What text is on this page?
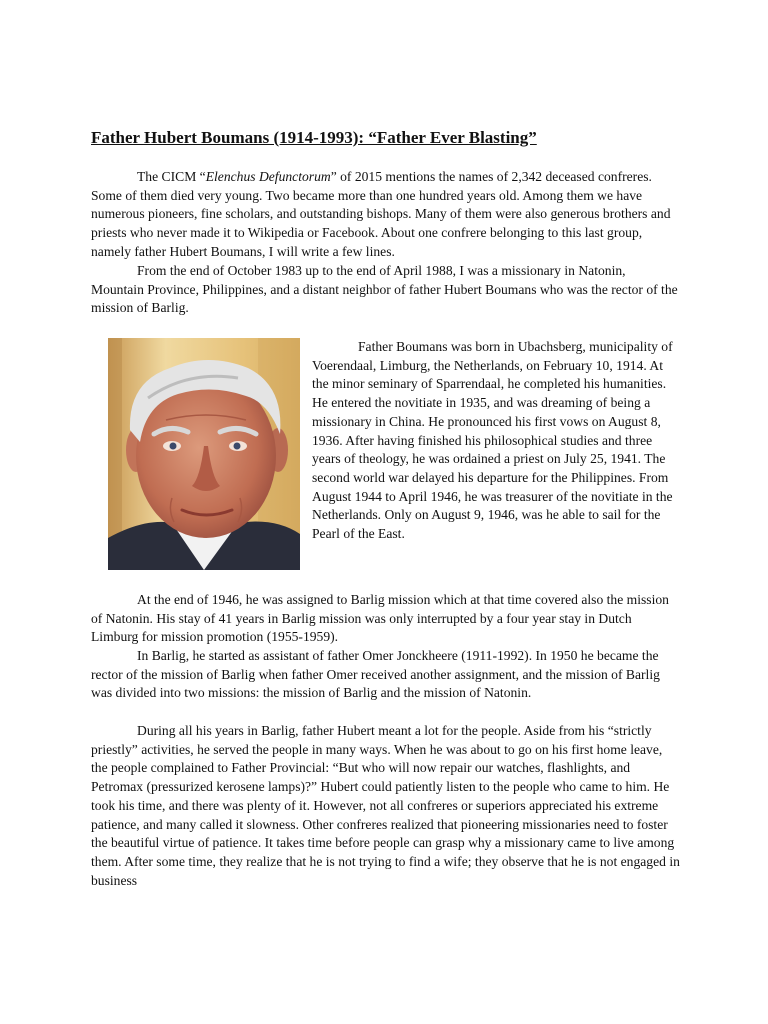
Father Hubert Boumans (1914-1993): “Father Ever Blasting”

The CICM “Elenchus Defunctorum” of 2015 mentions the names of 2,342 deceased confreres. Some of them died very young. Two became more than one hundred years old. Among them we have numerous pioneers, fine scholars, and outstanding bishops. Many of them were also generous brothers and priests who never made it to Wikipedia or Facebook. About one confrere belonging to this last group, namely father Hubert Boumans, I will write a few lines.

From the end of October 1983 up to the end of April 1988, I was a missionary in Natonin, Mountain Province, Philippines, and a distant neighbor of father Hubert Boumans who was the rector of the mission of Barlig.

Father Boumans was born in Ubachsberg, municipality of Voerendaal, Limburg, the Netherlands, on February 10, 1914. At the minor seminary of Sparrendaal, he completed his humanities. He entered the novitiate in 1935, and was dreaming of being a missionary in China. He pronounced his first vows on August 8, 1936. After having finished his philosophical studies and three years of theology, he was ordained a priest on July 25, 1941. The second world war delayed his departure for the Philippines. From August 1944 to April 1946, he was treasurer of the novitiate in the Netherlands. Only on August 9, 1946, was he able to sail for the Pearl of the East.

At the end of 1946, he was assigned to Barlig mission which at that time covered also the mission of Natonin. His stay of 41 years in Barlig mission was only interrupted by a four year stay in Dutch Limburg for mission promotion (1955-1959).

In Barlig, he started as assistant of father Omer Jonckheere (1911-1992). In 1950 he became the rector of the mission of Barlig when father Omer received another assignment, and the mission of Barlig was divided into two missions: the mission of Barlig and the mission of Natonin.

During all his years in Barlig, father Hubert meant a lot for the people. Aside from his “strictly priestly” activities, he served the people in many ways. When he was about to go on his first home leave, the people complained to Father Provincial: “But who will now repair our watches, flashlights, and Petromax (pressurized kerosene lamps)?” Hubert could patiently listen to the people who came to him. He took his time, and there was plenty of it. However, not all confreres or superiors appreciated his extreme patience, and many called it slowness. Other confreres realized that pioneering missionaries need to foster the beautiful virtue of patience. It takes time before people can grasp why a missionary came to live among them. After some time, they realize that he is not trying to find a wife; they observe that he is not engaged in business
